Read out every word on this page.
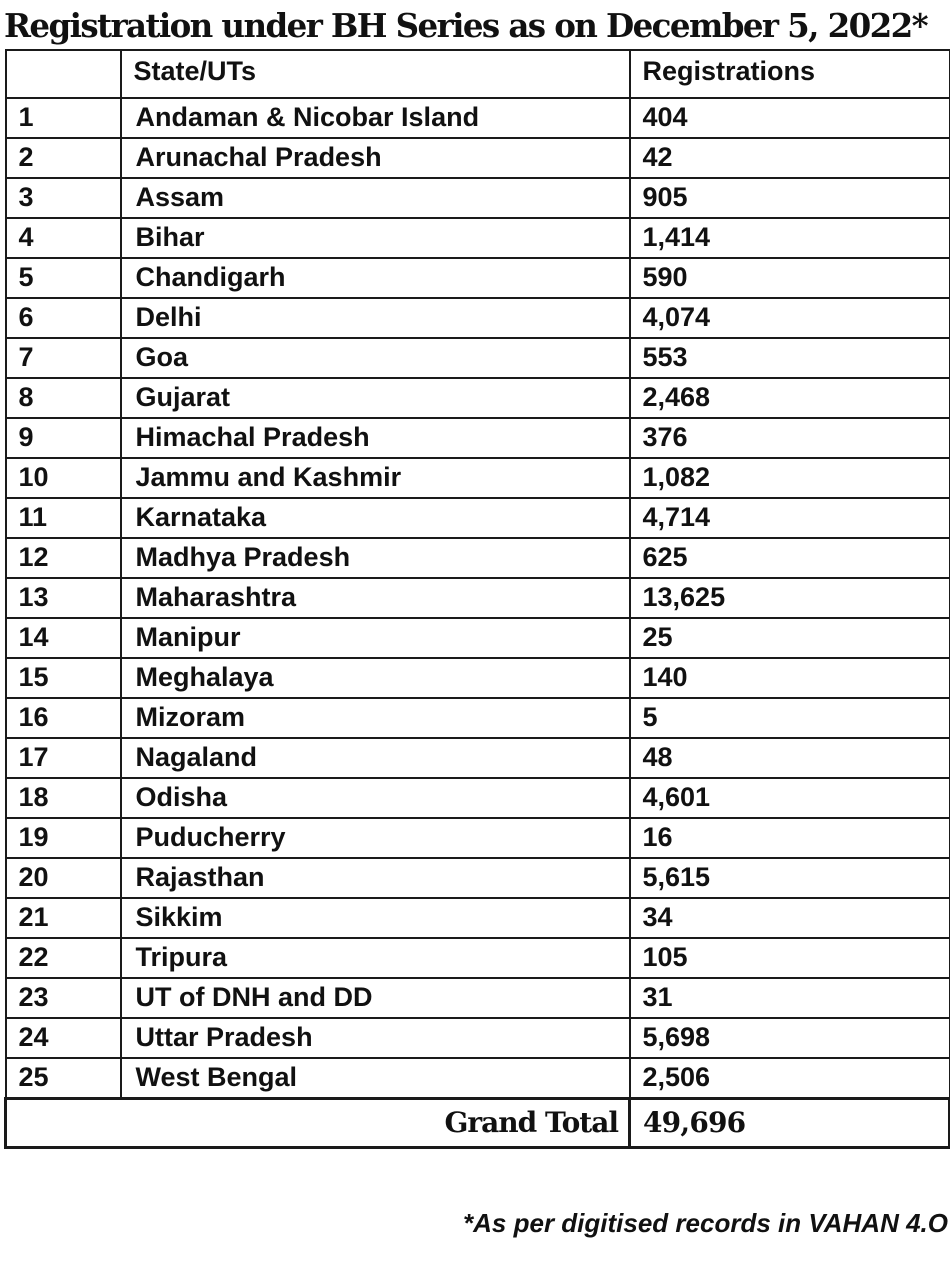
Registration under BH Series as on December 5, 2022*
	State/UTs	Registrations
1	Andaman & Nicobar Island	404
2	Arunachal Pradesh	42
3	Assam	905
4	Bihar	1,414
5	Chandigarh	590
6	Delhi	4,074
7	Goa	553
8	Gujarat	2,468
9	Himachal Pradesh	376
10	Jammu and Kashmir	1,082
11	Karnataka	4,714
12	Madhya Pradesh	625
13	Maharashtra	13,625
14	Manipur	25
15	Meghalaya	140
16	Mizoram	5
17	Nagaland	48
18	Odisha	4,601
19	Puducherry	16
20	Rajasthan	5,615
21	Sikkim	34
22	Tripura	105
23	UT of DNH and DD	31
24	Uttar Pradesh	5,698
25	West Bengal	2,506
Grand Total		49,696
*As per digitised records in VAHAN 4.O
